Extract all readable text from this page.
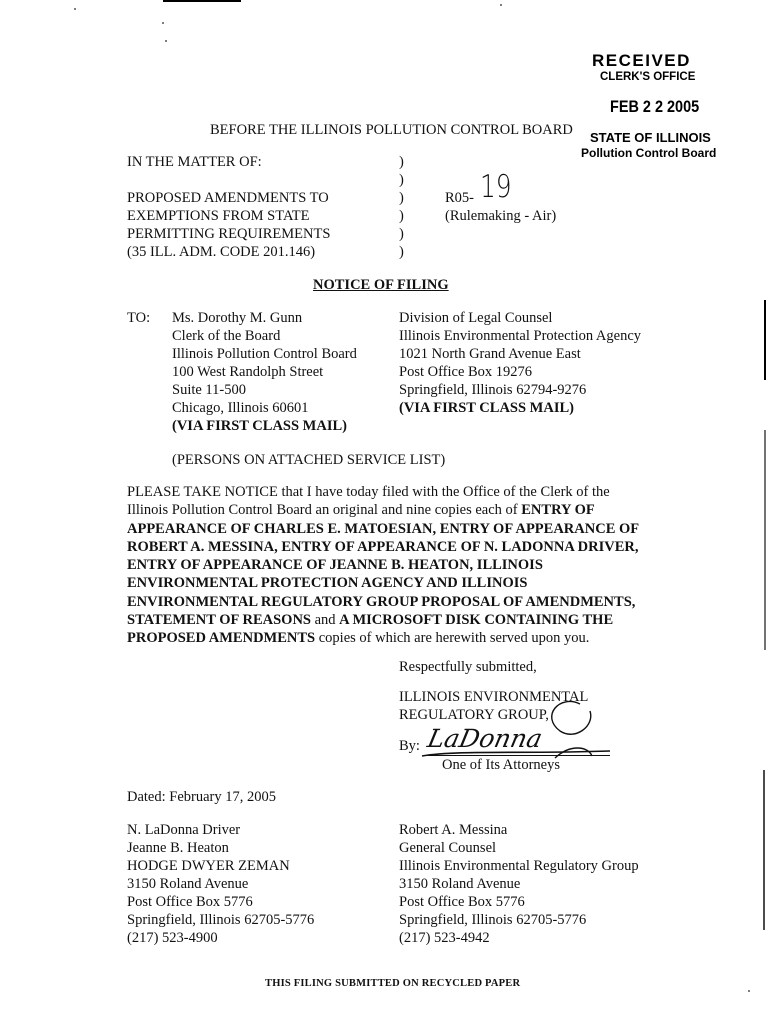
RECEIVED
CLERK'S OFFICE
FEB 2 2 2005
STATE OF ILLINOIS
Pollution Control Board
BEFORE THE ILLINOIS POLLUTION CONTROL BOARD
IN THE MATTER OF:
PROPOSED AMENDMENTS TO
EXEMPTIONS FROM STATE
PERMITTING REQUIREMENTS
(35 ILL. ADM. CODE 201.146)
)
)
)
)
)
)
R05- 19
(Rulemaking - Air)
NOTICE OF FILING
TO: Ms. Dorothy M. Gunn
Clerk of the Board
Illinois Pollution Control Board
100 West Randolph Street
Suite 11-500
Chicago, Illinois 60601
(VIA FIRST CLASS MAIL)
Division of Legal Counsel
Illinois Environmental Protection Agency
1021 North Grand Avenue East
Post Office Box 19276
Springfield, Illinois 62794-9276
(VIA FIRST CLASS MAIL)
(PERSONS ON ATTACHED SERVICE LIST)
PLEASE TAKE NOTICE that I have today filed with the Office of the Clerk of the
Illinois Pollution Control Board an original and nine copies each of ENTRY OF
APPEARANCE OF CHARLES E. MATOESIAN, ENTRY OF APPEARANCE OF
ROBERT A. MESSINA, ENTRY OF APPEARANCE OF N. LADONNA DRIVER,
ENTRY OF APPEARANCE OF JEANNE B. HEATON, ILLINOIS
ENVIRONMENTAL PROTECTION AGENCY AND ILLINOIS
ENVIRONMENTAL REGULATORY GROUP PROPOSAL OF AMENDMENTS,
STATEMENT OF REASONS and A MICROSOFT DISK CONTAINING THE
PROPOSED AMENDMENTS copies of which are herewith served upon you.
Respectfully submitted,
ILLINOIS ENVIRONMENTAL
REGULATORY GROUP,
By: LaDonna
One of Its Attorneys
Dated: February 17, 2005
N. LaDonna Driver
Jeanne B. Heaton
HODGE DWYER ZEMAN
3150 Roland Avenue
Post Office Box 5776
Springfield, Illinois 62705-5776
(217) 523-4900
Robert A. Messina
General Counsel
Illinois Environmental Regulatory Group
3150 Roland Avenue
Post Office Box 5776
Springfield, Illinois 62705-5776
(217) 523-4942
THIS FILING SUBMITTED ON RECYCLED PAPER
